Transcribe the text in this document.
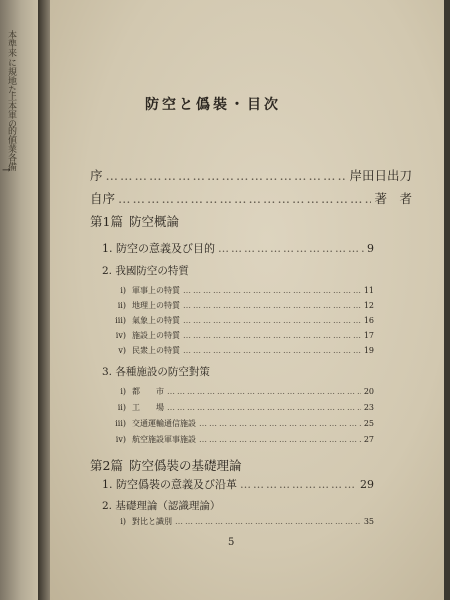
本準来
に規地た
上本軍の
的値業各備
→
防空と僞裝・目次
序 …………………………………………………………………………………………	岸田日出刀
自序 …………………………………………………………………………………………	著　者
第1篇 防空概論
1. 防空の意義及び目的 …………………………………………………………………………………………	9
2. 我國防空の特質
i) 軍事上の特質 …………………………………………………………………………………………	11
ii) 地理上の特質 …………………………………………………………………………………………	12
iii) 氣象上の特質 …………………………………………………………………………………………	16
iv) 施設上の特質 …………………………………………………………………………………………	17
v) 民衆上の特質 …………………………………………………………………………………………	19
3. 各種施設の防空對策
i) 都　　市 …………………………………………………………………………………………	20
ii) 工　　場 …………………………………………………………………………………………	23
iii) 交通運輸通信施設 …………………………………………………………………………………………	25
iv) 航空施設軍事施設 …………………………………………………………………………………………	27
第2篇 防空僞裝の基礎理論
1. 防空僞裝の意義及び沿革 …………………………………………………………………………………………	29
2. 基礎理論（認識理論）
i) 對比と識別 …………………………………………………………………………………………	35
5
